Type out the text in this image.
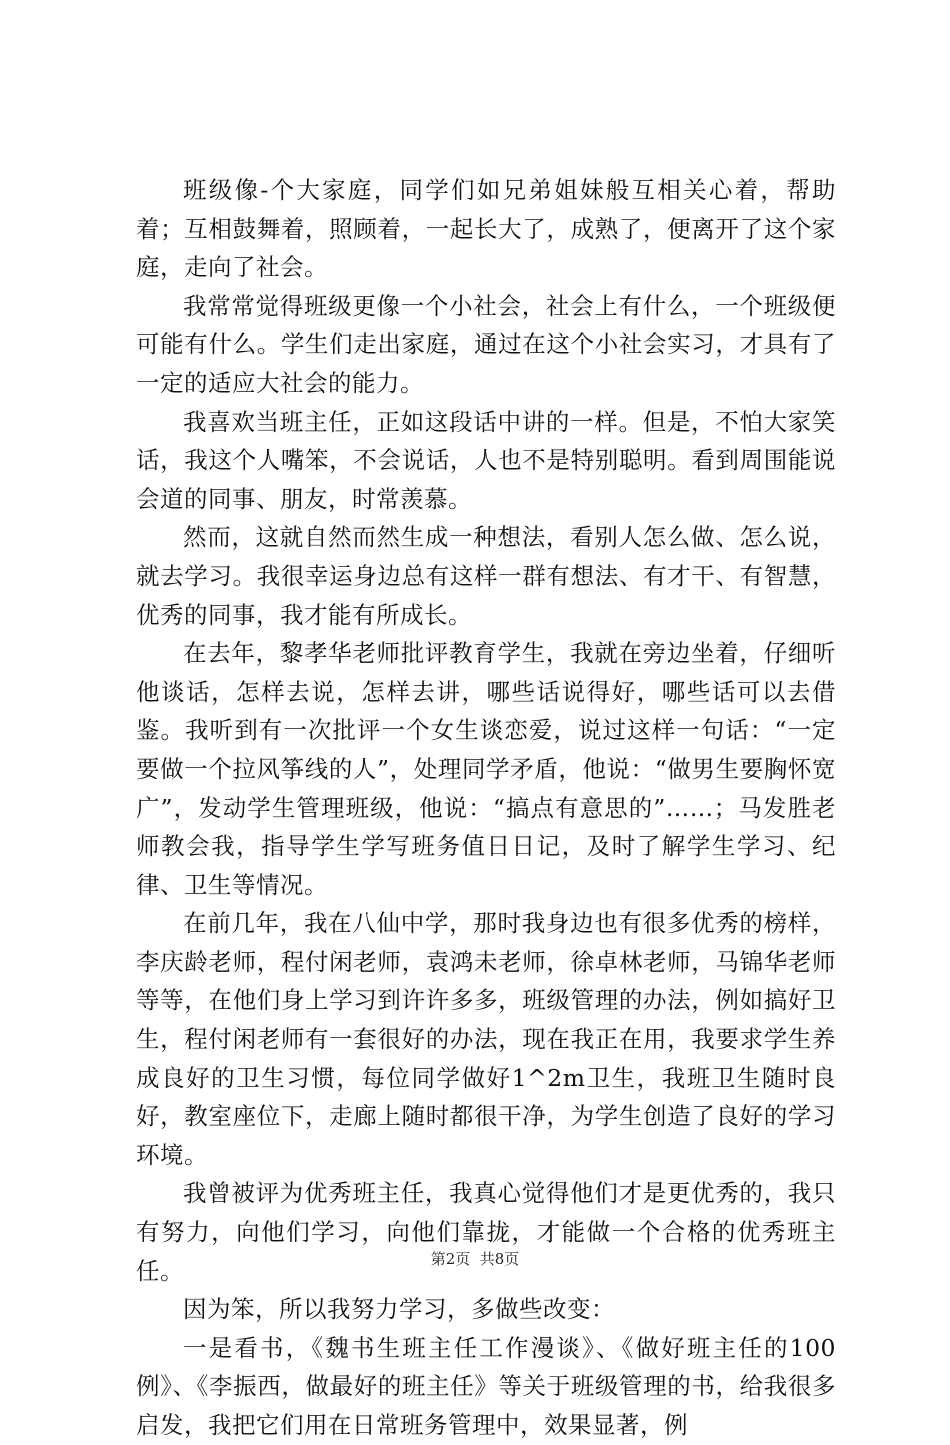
班级像-个大家庭，同学们如兄弟姐妹般互相关心着，帮助着；互相鼓舞着，照顾着，一起长大了，成熟了，便离开了这个家庭，走向了社会。

我常常觉得班级更像一个小社会，社会上有什么，一个班级便可能有什么。学生们走出家庭，通过在这个小社会实习，才具有了一定的适应大社会的能力。

我喜欢当班主任，正如这段话中讲的一样。但是，不怕大家笑话，我这个人嘴笨，不会说话，人也不是特别聪明。看到周围能说会道的同事、朋友，时常羡慕。

然而，这就自然而然生成一种想法，看别人怎么做、怎么说，就去学习。我很幸运身边总有这样一群有想法、有才干、有智慧，优秀的同事，我才能有所成长。

在去年，黎孝华老师批评教育学生，我就在旁边坐着，仔细听他谈话，怎样去说，怎样去讲，哪些话说得好，哪些话可以去借鉴。我听到有一次批评一个女生谈恋爱，说过这样一句话：“一定要做一个拉风筝线的人”，处理同学矛盾，他说：“做男生要胸怀宽广”，发动学生管理班级，他说：“搞点有意思的”……；马发胜老师教会我，指导学生学写班务值日日记，及时了解学生学习、纪律、卫生等情况。

在前几年，我在八仙中学，那时我身边也有很多优秀的榜样，李庆龄老师，程付闲老师，袁鸿未老师，徐卓林老师，马锦华老师等等，在他们身上学习到许许多多，班级管理的办法，例如搞好卫生，程付闲老师有一套很好的办法，现在我正在用，我要求学生养成良好的卫生习惯，每位同学做好1^2m卫生，我班卫生随时良好，教室座位下，走廊上随时都很干净，为学生创造了良好的学习环境。

我曾被评为优秀班主任，我真心觉得他们才是更优秀的，我只有努力，向他们学习，向他们靠拢，才能做一个合格的优秀班主任。

因为笨，所以我努力学习，多做些改变：

一是看书，《魏书生班主任工作漫谈》、《做好班主任的100例》、《李振西，做最好的班主任》等关于班级管理的书，给我很多启发，我把它们用在日常班务管理中，效果显著，例

第2页  共8页
